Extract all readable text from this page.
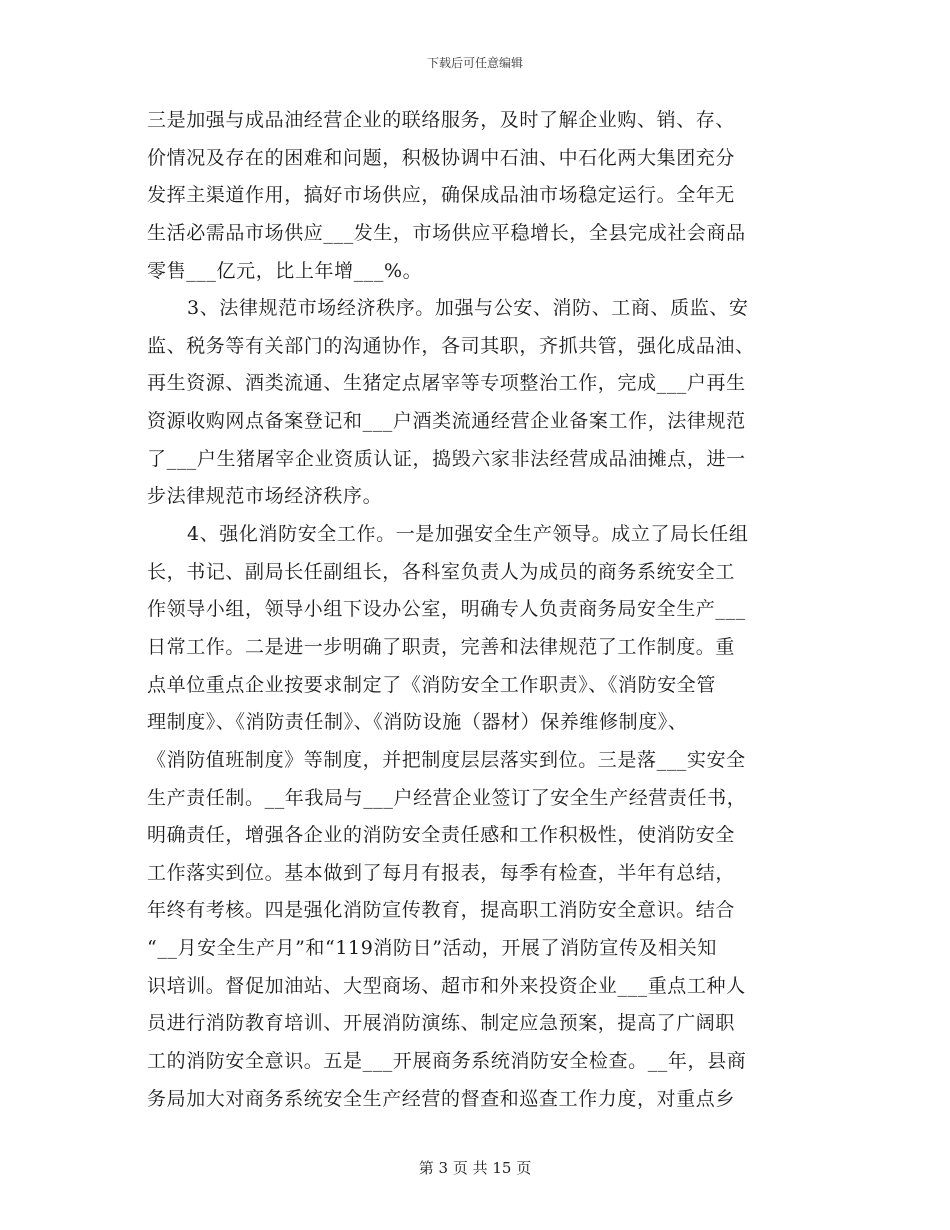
下载后可任意编辑
三是加强与成品油经营企业的联络服务，及时了解企业购、销、存、
价情况及存在的困难和问题，积极协调中石油、中石化两大集团充分
发挥主渠道作用，搞好市场供应，确保成品油市场稳定运行。全年无
生活必需品市场供应___发生，市场供应平稳增长，全县完成社会商品
零售___亿元，比上年增___%。
3、法律规范市场经济秩序。加强与公安、消防、工商、质监、安
监、税务等有关部门的沟通协作，各司其职，齐抓共管，强化成品油、
再生资源、酒类流通、生猪定点屠宰等专项整治工作，完成___户再生
资源收购网点备案登记和___户酒类流通经营企业备案工作，法律规范
了___户生猪屠宰企业资质认证，捣毁六家非法经营成品油摊点，进一
步法律规范市场经济秩序。
4、强化消防安全工作。一是加强安全生产领导。成立了局长任组
长，书记、副局长任副组长，各科室负责人为成员的商务系统安全工
作领导小组，领导小组下设办公室，明确专人负责商务局安全生产___
日常工作。二是进一步明确了职责，完善和法律规范了工作制度。重
点单位重点企业按要求制定了《消防安全工作职责》、《消防安全管
理制度》、《消防责任制》、《消防设施（器材）保养维修制度》、
《消防值班制度》等制度，并把制度层层落实到位。三是落___实安全
生产责任制。__年我局与___户经营企业签订了安全生产经营责任书，
明确责任，增强各企业的消防安全责任感和工作积极性，使消防安全
工作落实到位。基本做到了每月有报表，每季有检查，半年有总结，
年终有考核。四是强化消防宣传教育，提高职工消防安全意识。结合
“__月安全生产月”和“119消防日”活动，开展了消防宣传及相关知
识培训。督促加油站、大型商场、超市和外来投资企业___重点工种人
员进行消防教育培训、开展消防演练、制定应急预案，提高了广阔职
工的消防安全意识。五是___开展商务系统消防安全检查。__年，县商
务局加大对商务系统安全生产经营的督查和巡查工作力度，对重点乡
第 3 页 共 15 页
